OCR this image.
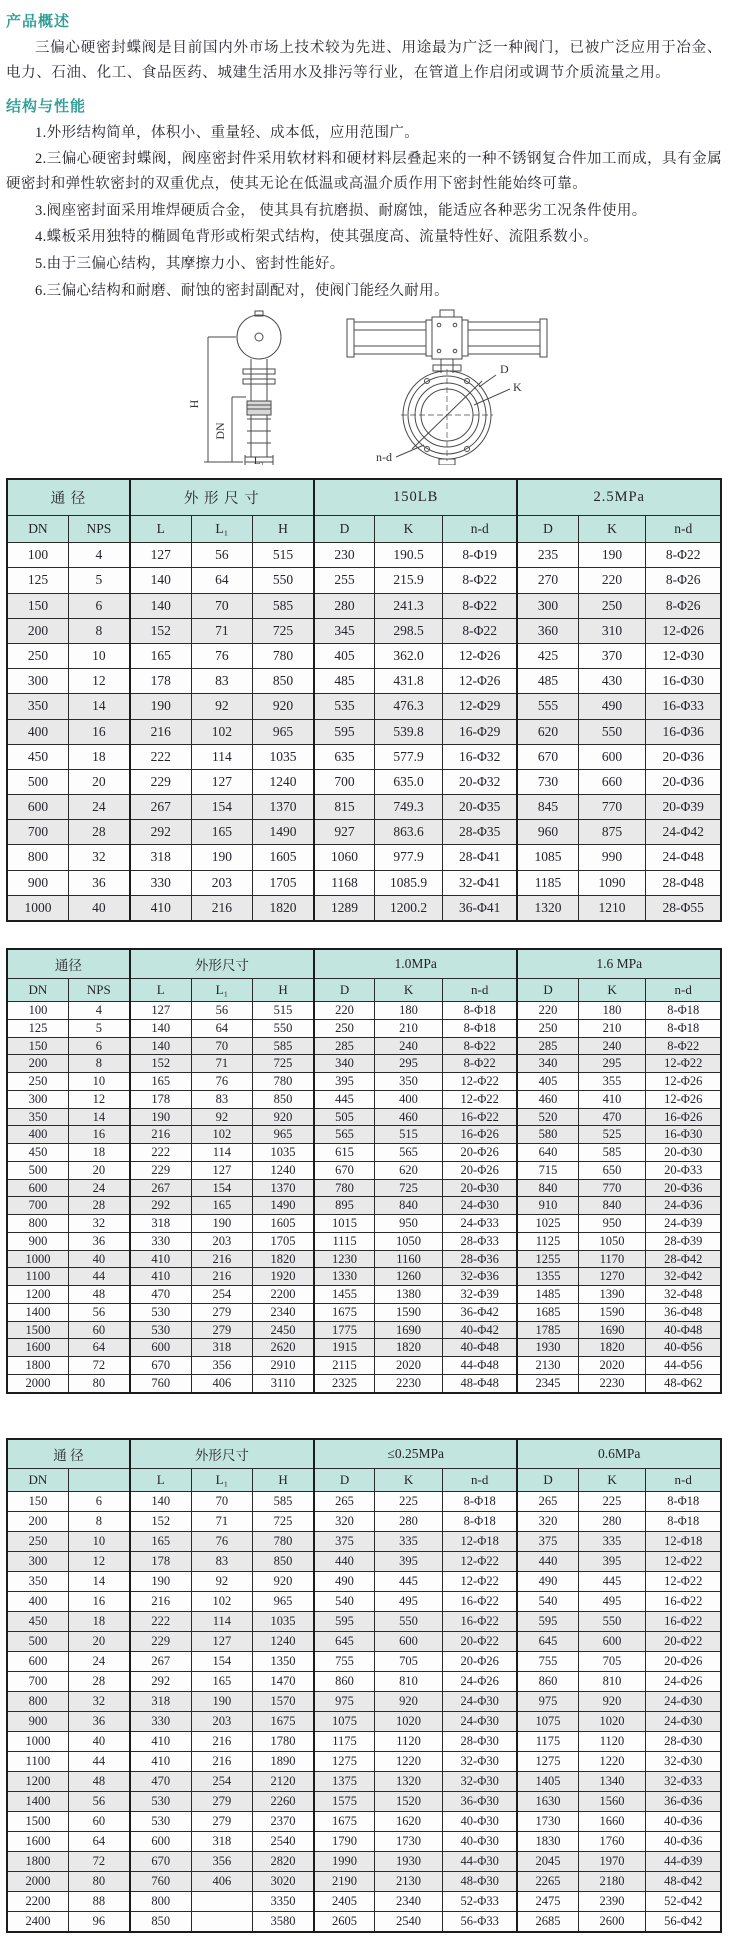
产品概述
三偏心硬密封蝶阀是目前国内外市场上技术较为先进、用途最为广泛一种阀门，已被广泛应用于冶金、电力、石油、化工、食品医药、城建生活用水及排污等行业，在管道上作启闭或调节介质流量之用。
结构与性能
1.外形结构简单，体积小、重量轻、成本低，应用范围广。
2.三偏心硬密封蝶阀，阀座密封件采用软材料和硬材料层叠起来的一种不锈钢复合件加工而成，具有金属硬密封和弹性软密封的双重优点，使其无论在低温或高温介质作用下密封性能始终可靠。
3.阀座密封面采用堆焊硬质合金， 使其具有抗磨损、耐腐蚀，能适应各种恶劣工况条件使用。
4.蝶板采用独特的椭圆龟背形或桁架式结构，使其强度高、流量特性好、流阻系数小。
5.由于三偏心结构，其摩擦力小、密封性能好。
6.三偏心结构和耐磨、耐蚀的密封副配对，使阀门能经久耐用。
H
DN
L₁
D
K
n-d
通 径		外 形 尺 寸			150LB			2.5MPa		
DN	NPS	L	L₁	H	D	K	n-d	D	K	n-d
100	4	127	56	515	230	190.5	8-Φ19	235	190	8-Φ22
125	5	140	64	550	255	215.9	8-Φ22	270	220	8-Φ26
150	6	140	70	585	280	241.3	8-Φ22	300	250	8-Φ26
200	8	152	71	725	345	298.5	8-Φ22	360	310	12-Φ26
250	10	165	76	780	405	362.0	12-Φ26	425	370	12-Φ30
300	12	178	83	850	485	431.8	12-Φ26	485	430	16-Φ30
350	14	190	92	920	535	476.3	12-Φ29	555	490	16-Φ33
400	16	216	102	965	595	539.8	16-Φ29	620	550	16-Φ36
450	18	222	114	1035	635	577.9	16-Φ32	670	600	20-Φ36
500	20	229	127	1240	700	635.0	20-Φ32	730	660	20-Φ36
600	24	267	154	1370	815	749.3	20-Φ35	845	770	20-Φ39
700	28	292	165	1490	927	863.6	28-Φ35	960	875	24-Φ42
800	32	318	190	1605	1060	977.9	28-Φ41	1085	990	24-Φ48
900	36	330	203	1705	1168	1085.9	32-Φ41	1185	1090	28-Φ48
1000	40	410	216	1820	1289	1200.2	36-Φ41	1320	1210	28-Φ55
通径		外形尺寸			1.0MPa			1.6 MPa		
DN	NPS	L	L₁	H	D	K	n-d	D	K	n-d
100	4	127	56	515	220	180	8-Φ18	220	180	8-Φ18
125	5	140	64	550	250	210	8-Φ18	250	210	8-Φ18
150	6	140	70	585	285	240	8-Φ22	285	240	8-Φ22
200	8	152	71	725	340	295	8-Φ22	340	295	12-Φ22
250	10	165	76	780	395	350	12-Φ22	405	355	12-Φ26
300	12	178	83	850	445	400	12-Φ22	460	410	12-Φ26
350	14	190	92	920	505	460	16-Φ22	520	470	16-Φ26
400	16	216	102	965	565	515	16-Φ26	580	525	16-Φ30
450	18	222	114	1035	615	565	20-Φ26	640	585	20-Φ30
500	20	229	127	1240	670	620	20-Φ26	715	650	20-Φ33
600	24	267	154	1370	780	725	20-Φ30	840	770	20-Φ36
700	28	292	165	1490	895	840	24-Φ30	910	840	24-Φ36
800	32	318	190	1605	1015	950	24-Φ33	1025	950	24-Φ39
900	36	330	203	1705	1115	1050	28-Φ33	1125	1050	28-Φ39
1000	40	410	216	1820	1230	1160	28-Φ36	1255	1170	28-Φ42
1100	44	410	216	1920	1330	1260	32-Φ36	1355	1270	32-Φ42
1200	48	470	254	2200	1455	1380	32-Φ39	1485	1390	32-Φ48
1400	56	530	279	2340	1675	1590	36-Φ42	1685	1590	36-Φ48
1500	60	530	279	2450	1775	1690	40-Φ42	1785	1690	40-Φ48
1600	64	600	318	2620	1915	1820	40-Φ48	1930	1820	40-Φ56
1800	72	670	356	2910	2115	2020	44-Φ48	2130	2020	44-Φ56
2000	80	760	406	3110	2325	2230	48-Φ48	2345	2230	48-Φ62
通 径		外形尺寸			≤0.25MPa			0.6MPa		
DN		L	L₁	H	D	K	n-d	D	K	n-d
150	6	140	70	585	265	225	8-Φ18	265	225	8-Φ18
200	8	152	71	725	320	280	8-Φ18	320	280	8-Φ18
250	10	165	76	780	375	335	12-Φ18	375	335	12-Φ18
300	12	178	83	850	440	395	12-Φ22	440	395	12-Φ22
350	14	190	92	920	490	445	12-Φ22	490	445	12-Φ22
400	16	216	102	965	540	495	16-Φ22	540	495	16-Φ22
450	18	222	114	1035	595	550	16-Φ22	595	550	16-Φ22
500	20	229	127	1240	645	600	20-Φ22	645	600	20-Φ22
600	24	267	154	1350	755	705	20-Φ26	755	705	20-Φ26
700	28	292	165	1470	860	810	24-Φ26	860	810	24-Φ26
800	32	318	190	1570	975	920	24-Φ30	975	920	24-Φ30
900	36	330	203	1675	1075	1020	24-Φ30	1075	1020	24-Φ30
1000	40	410	216	1780	1175	1120	28-Φ30	1175	1120	28-Φ30
1100	44	410	216	1890	1275	1220	32-Φ30	1275	1220	32-Φ30
1200	48	470	254	2120	1375	1320	32-Φ30	1405	1340	32-Φ33
1400	56	530	279	2260	1575	1520	36-Φ30	1630	1560	36-Φ36
1500	60	530	279	2370	1675	1620	40-Φ30	1730	1660	40-Φ36
1600	64	600	318	2540	1790	1730	40-Φ30	1830	1760	40-Φ36
1800	72	670	356	2820	1990	1930	44-Φ30	2045	1970	44-Φ39
2000	80	760	406	3020	2190	2130	48-Φ30	2265	2180	48-Φ42
2200	88	800		3350	2405	2340	52-Φ33	2475	2390	52-Φ42
2400	96	850		3580	2605	2540	56-Φ33	2685	2600	56-Φ42
